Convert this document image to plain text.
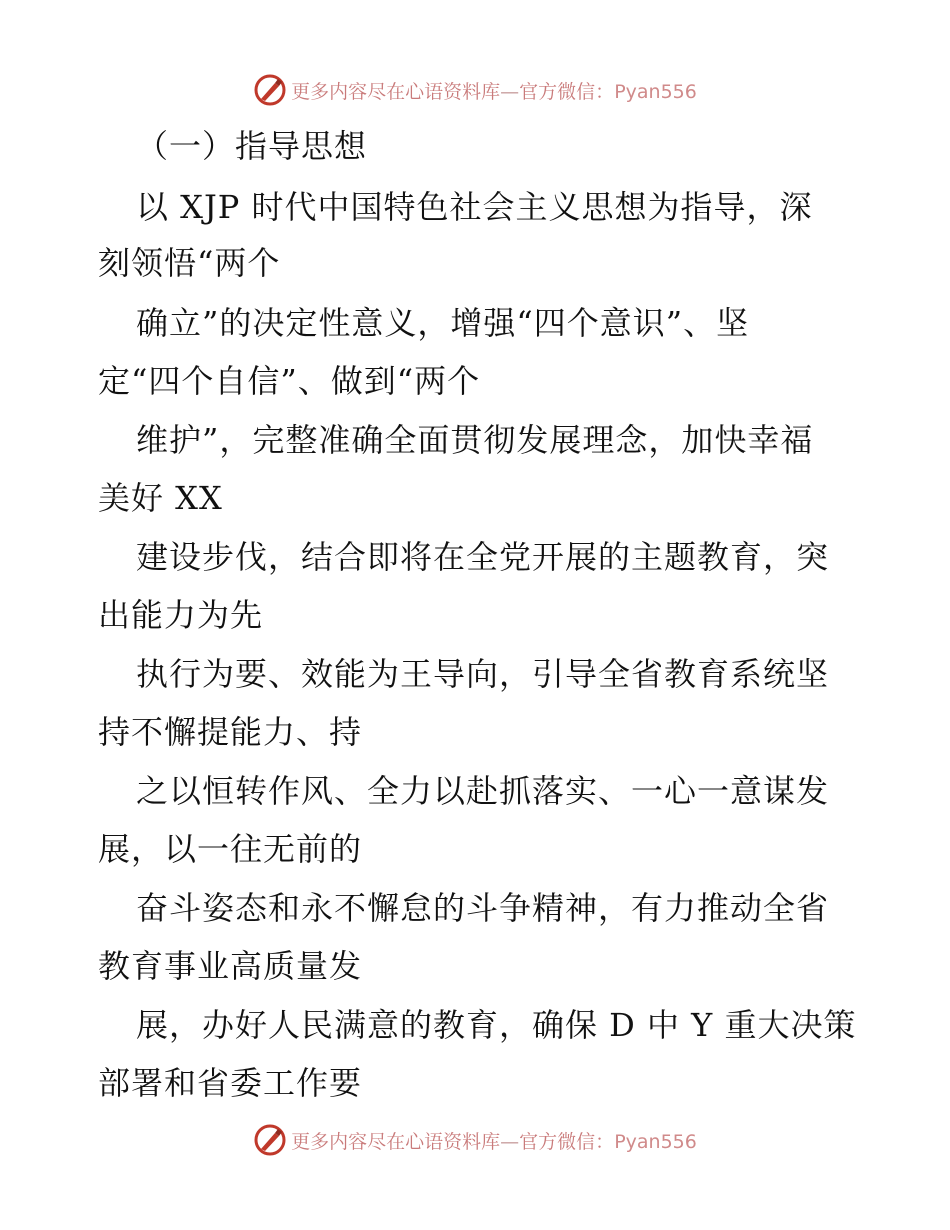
更多内容尽在心语资料库—官方微信：Pyan556
（一）指导思想
以 XJP 时代中国特色社会主义思想为指导，深
刻领悟“两个
确立”的决定性意义，增强“四个意识”、坚
定“四个自信”、做到“两个
维护”，完整准确全面贯彻发展理念，加快幸福
美好 XX
建设步伐，结合即将在全党开展的主题教育，突
出能力为先
执行为要、效能为王导向，引导全省教育系统坚
持不懈提能力、持
之以恒转作风、全力以赴抓落实、一心一意谋发
展，以一往无前的
奋斗姿态和永不懈怠的斗争精神，有力推动全省
教育事业高质量发
展，办好人民满意的教育，确保 D 中 Y 重大决策
部署和省委工作要
更多内容尽在心语资料库—官方微信：Pyan556
